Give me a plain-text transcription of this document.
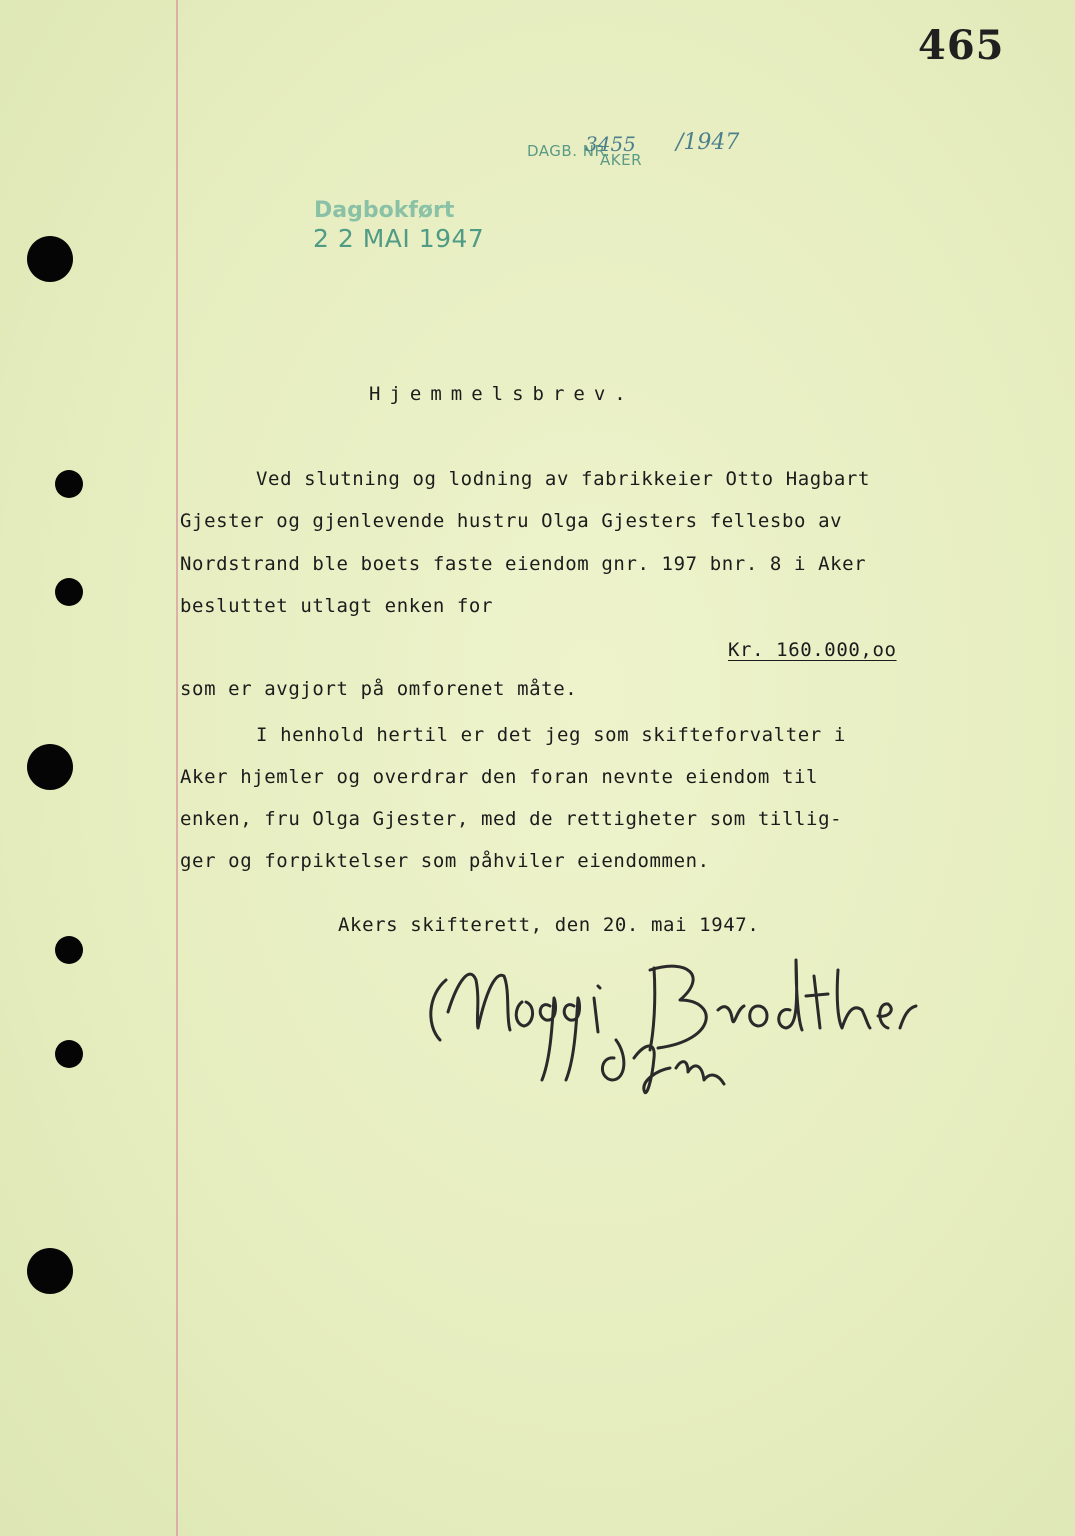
465
DAGB. NR.
3455 /1947
AKER
Dagbokført
2 2 MAI 1947
Hjemmelsbrev.
Ved slutning og lodning av fabrikkeier Otto Hagbart
Gjester og gjenlevende hustru Olga Gjesters fellesbo av
Nordstrand ble boets faste eiendom gnr. 197 bnr. 8 i Aker
besluttet utlagt enken for
Kr. 160.000,oo
som er avgjort på omforenet måte.
I henhold hertil er det jeg som skifteforvalter i
Aker hjemler og overdrar den foran nevnte eiendom til
enken, fru Olga Gjester, med de rettigheter som tillig-
ger og forpiktelser som påhviler eiendommen.
Akers skifterett, den 20. mai 1947.
